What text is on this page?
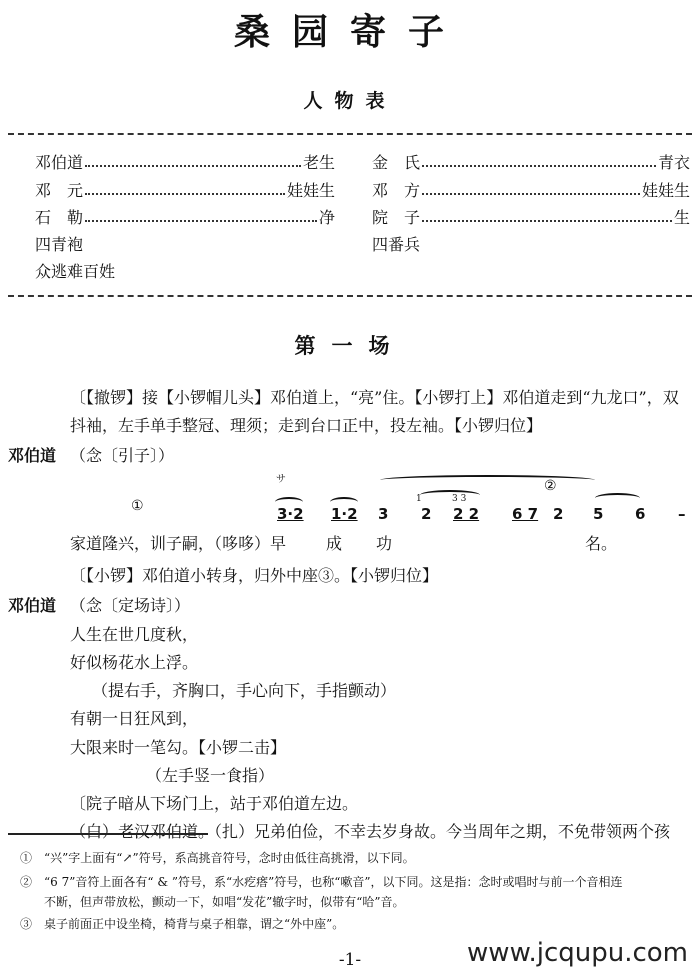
桑园寄子
人物表
邓伯道	老生 金　氏	青衣
邓　元	娃娃生 邓　方	娃娃生
石　勒	净 院　子	生
四青袍	四番兵
众逃难百姓
第一场
〔【撤锣】接【小锣帽儿头】邓伯道上，“亮”住。【小锣打上】邓伯道走到“九龙口”，双
抖袖，左手单手整冠、理须；走到台口正中，投左袖。【小锣归位】
邓伯道 （念〔引子〕）
サ
①
②
1	3 3
3·2 1·2 3 2 2 2 6 7 2 5 6 –
家道隆兴，训子嗣，（哆哆）早 成 功	名。
〔【小锣】邓伯道小转身，归外中座③。【小锣归位】
邓伯道 （念〔定场诗〕）
人生在世几度秋，
好似杨花水上浮。
（提右手，齐胸口，手心向下，手指颤动）
有朝一日狂风到，
大限来时一笔勾。【小锣二击】
（左手竖一食指）
〔院子暗从下场门上，站于邓伯道左边。
（白）老汉邓伯道。（扎）兄弟伯俭，不幸去岁身故。今当周年之期，不免带领两个孩
①　 “兴”字上面有“↗”符号，系高挑音符号，念时由低往高挑滑，以下同。
②　 “6 7”音符上面各有“ & ”符号，系“水疙瘩”符号，也称“嗽音”，以下同。这是指：念时或唱时与前一个音相连
不断，但声带放松，颤动一下，如唱“发花”辙字时，似带有“哈”音。
③　 桌子前面正中设坐椅，椅背与桌子相靠，谓之“外中座”。
-1-	www.jcqupu.com
